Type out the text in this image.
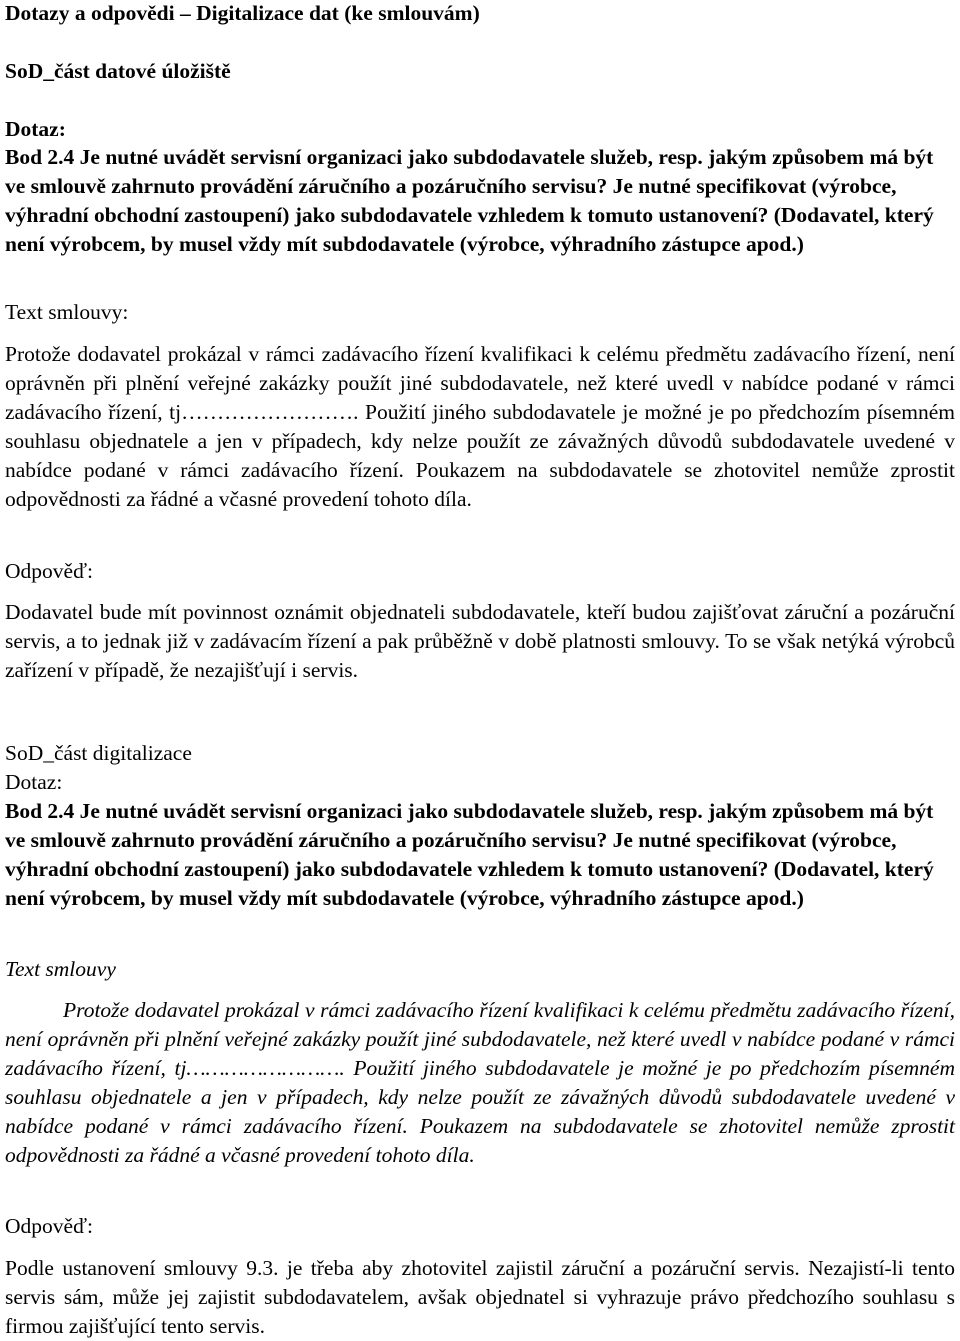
Dotazy a odpovědi – Digitalizace dat (ke smlouvám)

SoD_část datové úložiště

Dotaz:

Bod 2.4 Je nutné uvádět servisní organizaci jako subdodavatele služeb, resp. jakým způsobem má být ve smlouvě zahrnuto provádění záručního a pozáručního servisu? Je nutné specifikovat (výrobce, výhradní obchodní zastoupení) jako subdodavatele vzhledem k tomuto ustanovení? (Dodavatel, který není výrobcem, by musel vždy mít subdodavatele (výrobce, výhradního zástupce apod.)

Text smlouvy:

Protože dodavatel prokázal v rámci zadávacího řízení kvalifikaci k celému předmětu zadávacího řízení, není oprávněn při plnění veřejné zakázky použít jiné subdodavatele, než které uvedl v nabídce podané v rámci zadávacího řízení, tj……………………. Použití jiného subdodavatele je možné je po předchozím písemném souhlasu objednatele a jen v případech, kdy nelze použít ze závažných důvodů subdodavatele uvedené v nabídce podané v rámci zadávacího řízení. Poukazem na subdodavatele se zhotovitel nemůže zprostit odpovědnosti za řádné a včasné provedení tohoto díla.

Odpověď:

Dodavatel bude mít povinnost oznámit objednateli subdodavatele, kteří budou zajišťovat záruční a pozáruční servis, a to jednak již v zadávacím řízení a pak průběžně v době platnosti smlouvy. To se však netýká výrobců zařízení v případě, že nezajišťují i servis.

SoD_část digitalizace

Dotaz:

Bod 2.4 Je nutné uvádět servisní organizaci jako subdodavatele služeb, resp. jakým způsobem má být ve smlouvě zahrnuto provádění záručního a pozáručního servisu? Je nutné specifikovat (výrobce, výhradní obchodní zastoupení) jako subdodavatele vzhledem k tomuto ustanovení? (Dodavatel, který není výrobcem, by musel vždy mít subdodavatele (výrobce, výhradního zástupce apod.)

Text smlouvy

Protože dodavatel prokázal v rámci zadávacího řízení kvalifikaci k celému předmětu zadávacího řízení, není oprávněn při plnění veřejné zakázky použít jiné subdodavatele, než které uvedl v nabídce podané v rámci zadávacího řízení, tj……………………. Použití jiného subdodavatele je možné je po předchozím písemném souhlasu objednatele a jen v případech, kdy nelze použít ze závažných důvodů subdodavatele uvedené v nabídce podané v rámci zadávacího řízení. Poukazem na subdodavatele se zhotovitel nemůže zprostit odpovědnosti za řádné a včasné provedení tohoto díla.

Odpověď:

Podle ustanovení smlouvy 9.3. je třeba aby zhotovitel zajistil záruční a pozáruční servis. Nezajistí-li tento servis sám, může jej zajistit subdodavatelem, avšak objednatel si vyhrazuje právo předchozího souhlasu s firmou zajišťující tento servis.
